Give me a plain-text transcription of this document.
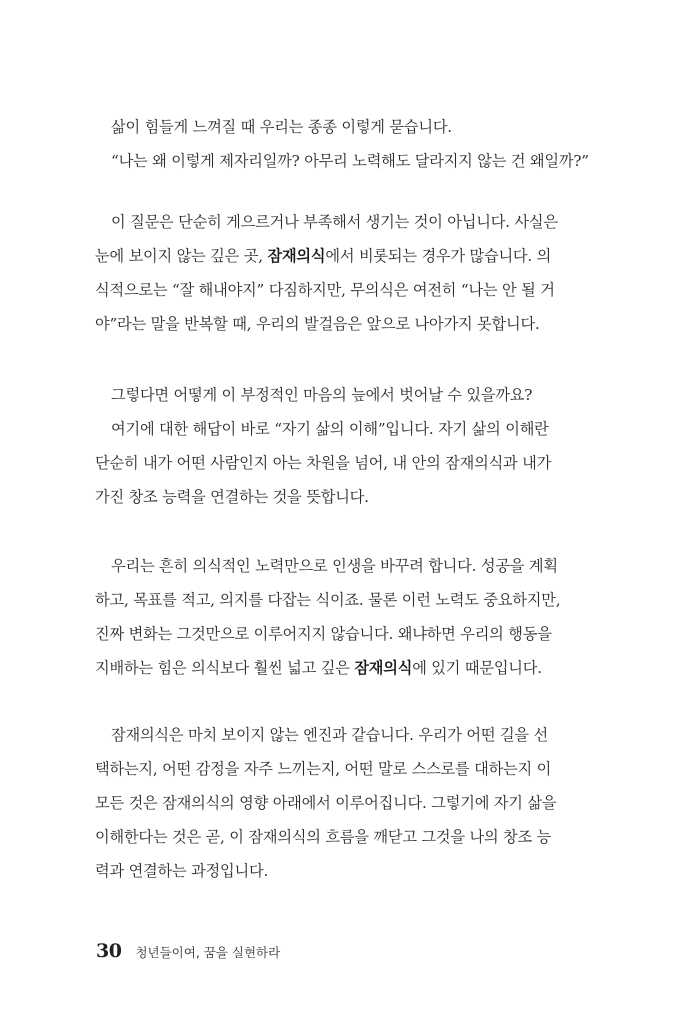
삶이 힘들게 느껴질 때 우리는 종종 이렇게 묻습니다.
“나는 왜 이렇게 제자리일까? 아무리 노력해도 달라지지 않는 건 왜일까?”
이 질문은 단순히 게으르거나 부족해서 생기는 것이 아닙니다. 사실은
눈에 보이지 않는 깊은 곳, 잠재의식에서 비롯되는 경우가 많습니다. 의
식적으로는 “잘 해내야지” 다짐하지만, 무의식은 여전히 “나는 안 될 거
야”라는 말을 반복할 때, 우리의 발걸음은 앞으로 나아가지 못합니다.
그렇다면 어떻게 이 부정적인 마음의 늪에서 벗어날 수 있을까요?
여기에 대한 해답이 바로 “자기 삶의 이해”입니다. 자기 삶의 이해란
단순히 내가 어떤 사람인지 아는 차원을 넘어, 내 안의 잠재의식과 내가
가진 창조 능력을 연결하는 것을 뜻합니다.
우리는 흔히 의식적인 노력만으로 인생을 바꾸려 합니다. 성공을 계획
하고, 목표를 적고, 의지를 다잡는 식이죠. 물론 이런 노력도 중요하지만,
진짜 변화는 그것만으로 이루어지지 않습니다. 왜냐하면 우리의 행동을
지배하는 힘은 의식보다 훨씬 넓고 깊은 잠재의식에 있기 때문입니다.
잠재의식은 마치 보이지 않는 엔진과 같습니다. 우리가 어떤 길을 선
택하는지, 어떤 감정을 자주 느끼는지, 어떤 말로 스스로를 대하는지 이
모든 것은 잠재의식의 영향 아래에서 이루어집니다. 그렇기에 자기 삶을
이해한다는 것은 곧, 이 잠재의식의 흐름을 깨닫고 그것을 나의 창조 능
력과 연결하는 과정입니다.
30 청년들이여, 꿈을 실현하라
